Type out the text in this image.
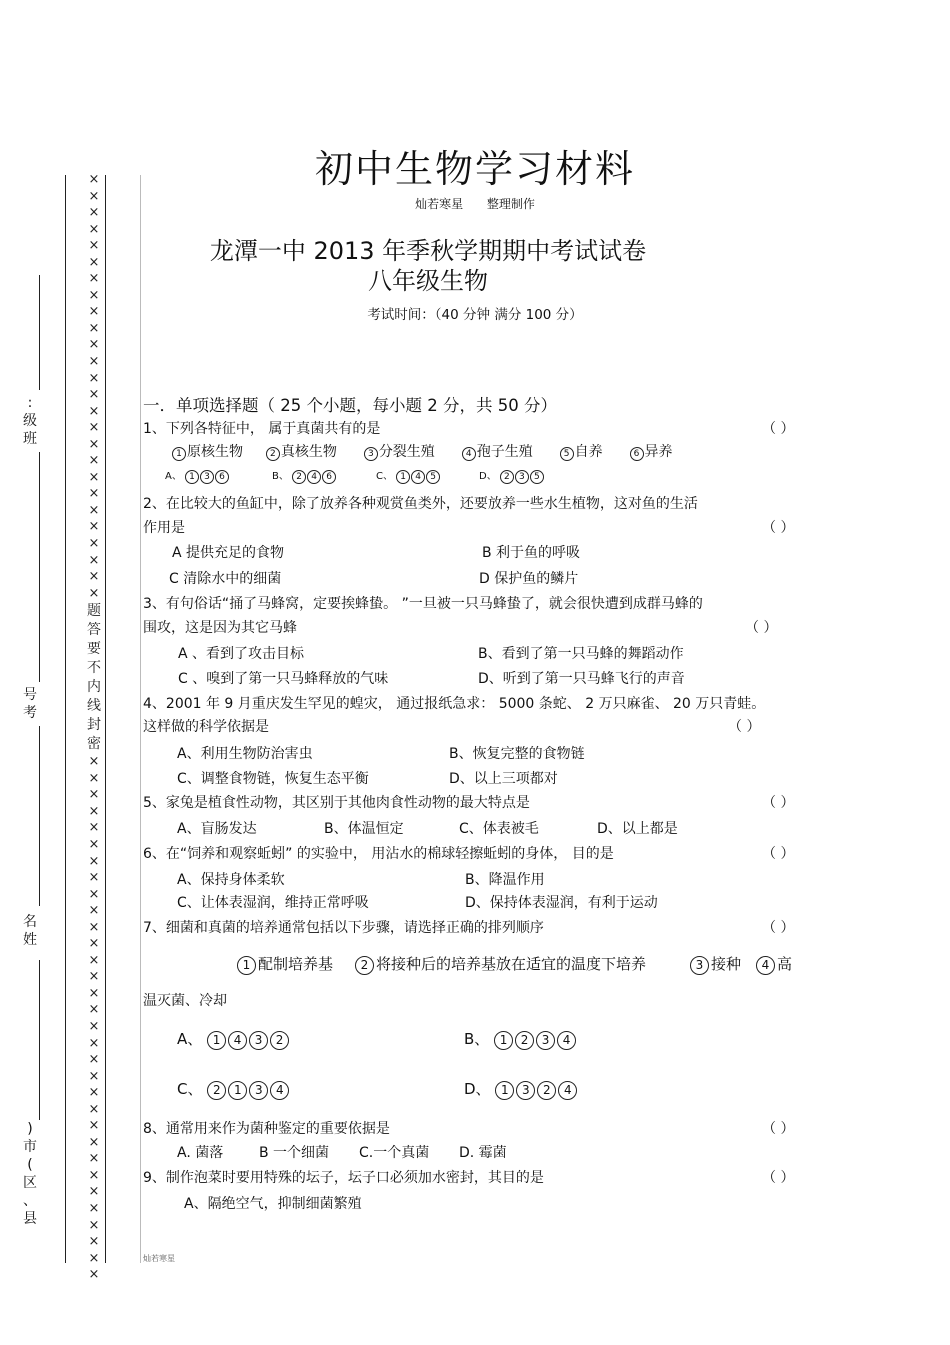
×
×
×
×
×
×
×
×
×
×
×
×
×
×
×
×
×
×
×
×
×
×
×
×
×
×
题
答
要
不
内
线
封
密
×
×
×
×
×
×
×
×
×
×
×
×
×
×
×
×
×
×
×
×
×
×
×
×
×
×
×
×
×
×
×
×
:
级
班
号
考
名
姓
)
市
(
区
、
县
初中生物学习材料
灿若寒星 整理制作
龙潭一中 2013 年季秋学期期中考试试卷
八年级生物
考试时间：（40 分钟 满分 100 分）
一．单项选择题（ 25 个小题，每小题 2 分，共 50 分）
1、下列各特征中， 属于真菌共有的是	（ ）
1 原核生物	2 真核生物	3 分裂生殖	4 孢子生殖	5 自养	6 异养
A、 1 3 6	B、 2 4 6	C、 1 4 5	D、 2 3 5
2、在比较大的鱼缸中，除了放养各种观赏鱼类外，还要放养一些水生植物，这对鱼的生活
作用是	（ ）
A 提供充足的食物	B 利于鱼的呼吸
C 清除水中的细菌	D 保护鱼的鳞片
3、有句俗话“捅了马蜂窝，定要挨蜂蛰。 ”一旦被一只马蜂蛰了，就会很快遭到成群马蜂的
围攻，这是因为其它马蜂	（ ）
A 、看到了攻击目标	B、看到了第一只马蜂的舞蹈动作
C 、嗅到了第一只马蜂释放的气味	D、听到了第一只马蜂飞行的声音
4、2001 年 9 月重庆发生罕见的蝗灾， 通过报纸急求： 5000 条蛇、 2 万只麻雀、 20 万只青蛙。
这样做的科学依据是	（ ）
A、利用生物防治害虫	B、恢复完整的食物链
C、调整食物链，恢复生态平衡	D、以上三项都对
5、家兔是植食性动物，其区别于其他肉食性动物的最大特点是	（ ）
A、盲肠发达	B、体温恒定	C、体表被毛	D、以上都是
6、在“饲养和观察蚯蚓” 的实验中， 用沾水的棉球轻擦蚯蚓的身体， 目的是	（ ）
A、保持身体柔软	B、降温作用
C、让体表湿润，维持正常呼吸	D、保持体表湿润，有利于运动
7、细菌和真菌的培养通常包括以下步骤，请选择正确的排列顺序	（ ）
1 配制培养基	2 将接种后的培养基放在适宜的温度下培养	3 接种	4 高
温灭菌、冷却
A、 1 4 3 2	B、 1 2 3 4
C、 2 1 3 4	D、 1 3 2 4
8、通常用来作为菌种鉴定的重要依据是	（ ）
A. 菌落	B 一个细菌 C.一个真菌 D. 霉菌
9、制作泡菜时要用特殊的坛子，坛子口必须加水密封，其目的是	（ ）
A、隔绝空气，抑制细菌繁殖
灿若寒星
